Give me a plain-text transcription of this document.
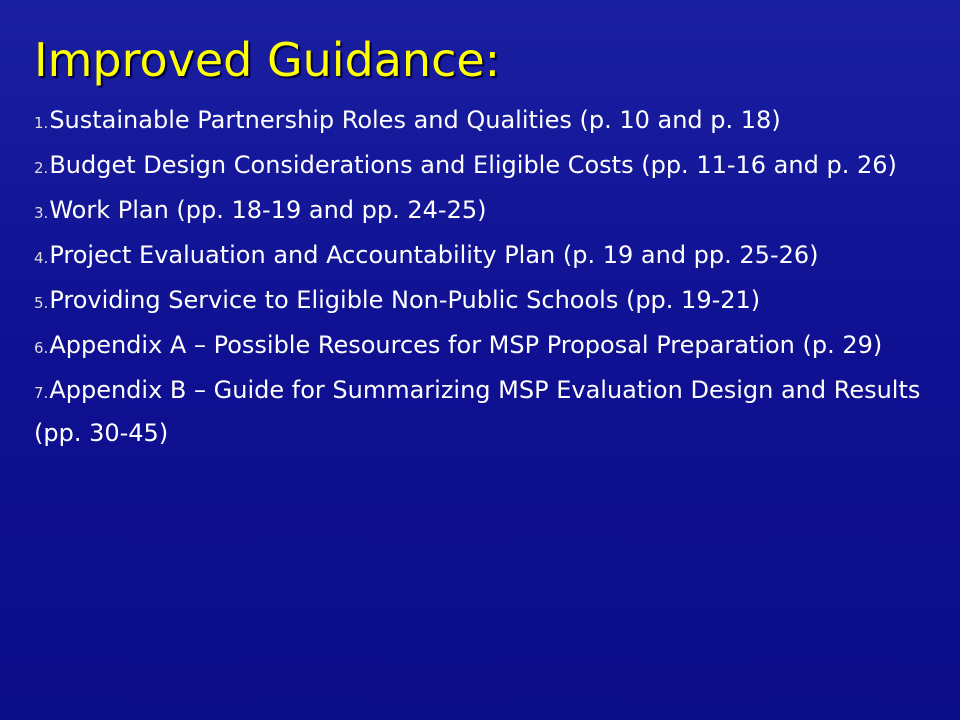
Improved Guidance:
1.Sustainable Partnership Roles and Qualities (p. 10 and p. 18)
2.Budget Design Considerations and Eligible Costs (pp. 11-16 and p. 26)
3.Work Plan (pp. 18-19 and pp. 24-25)
4.Project Evaluation and Accountability Plan (p. 19 and pp. 25-26)
5.Providing Service to Eligible Non-Public Schools (pp. 19-21)
6.Appendix A – Possible Resources for MSP Proposal Preparation (p. 29)
7.Appendix B – Guide for Summarizing MSP Evaluation Design and Results (pp. 30-45)
